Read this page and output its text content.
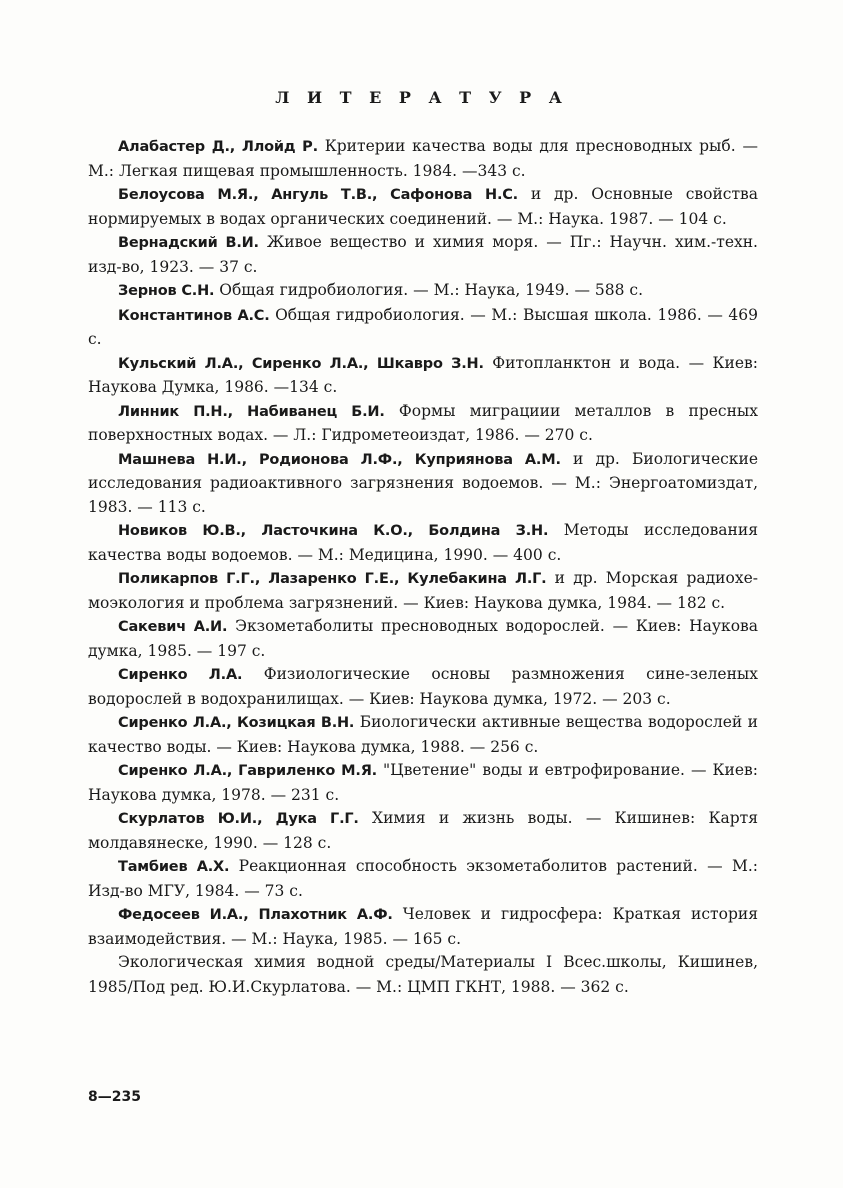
Л И Т Е Р А Т У Р А

Алабастер Д., Ллойд Р. Критерии качества воды для пресноводных рыб. — М.: Легкая пищевая промышленность. 1984. —343 с.

Белоусова М.Я., Ангуль Т.В., Сафонова Н.С. и др. Основные свойства нормируемых в водах органических соединений. — М.: Наука. 1987. — 104 с.

Вернадский В.И. Живое вещество и химия моря. — Пг.: Научн. хим.-техн. изд-во, 1923. — 37 с.

Зернов С.Н. Общая гидробиология. — М.: Наука, 1949. — 588 с.

Константинов А.С. Общая гидробиология. — М.: Высшая школа. 1986. — 469 с.

Кульский Л.А., Сиренко Л.А., Шкавро З.Н. Фитопланктон и вода. — Киев: Наукова Думка, 1986. —134 с.

Линник П.Н., Набиванец Б.И. Формы миграциии металлов в пресных поверхностных водах. — Л.: Гидрометеоиздат, 1986. — 270 с.

Машнева Н.И., Родионова Л.Ф., Куприянова А.М. и др. Биологические исследования радиоактивного загрязнения водоемов. — М.: Энергоатомиздат, 1983. — 113 с.

Новиков Ю.В., Ласточкина К.О., Болдина З.Н. Методы исследования качества воды водоемов. — М.: Медицина, 1990. — 400 с.

Поликарпов Г.Г., Лазаренко Г.Е., Кулебакина Л.Г. и др. Морская радиохе-моэкология и проблема загрязнений. — Киев: Наукова думка, 1984. — 182 с.

Сакевич А.И. Экзометаболиты пресноводных водорослей. — Киев: Наукова думка, 1985. — 197 с.

Сиренко Л.А. Физиологические основы размножения сине-зеленых водорослей в водохранилищах. — Киев: Наукова думка, 1972. — 203 с.

Сиренко Л.А., Козицкая В.Н. Биологически активные вещества водорослей и качество воды. — Киев: Наукова думка, 1988. — 256 с.

Сиренко Л.А., Гавриленко М.Я. "Цветение" воды и евтрофирование. — Киев: Наукова думка, 1978. — 231 с.

Скурлатов Ю.И., Дука Г.Г. Химия и жизнь воды. — Кишинев: Картя молдавянеске, 1990. — 128 с.

Тамбиев А.Х. Реакционная способность экзометаболитов растений. — М.: Изд-во МГУ, 1984. — 73 с.

Федосеев И.А., Плахотник А.Ф. Человек и гидросфера: Краткая история взаимодействия. — М.: Наука, 1985. — 165 с.

Экологическая химия водной среды/Материалы I Всес.школы, Кишинев, 1985/Под ред. Ю.И.Скурлатова. — М.: ЦМП ГКНТ, 1988. — 362 с.

8—235
